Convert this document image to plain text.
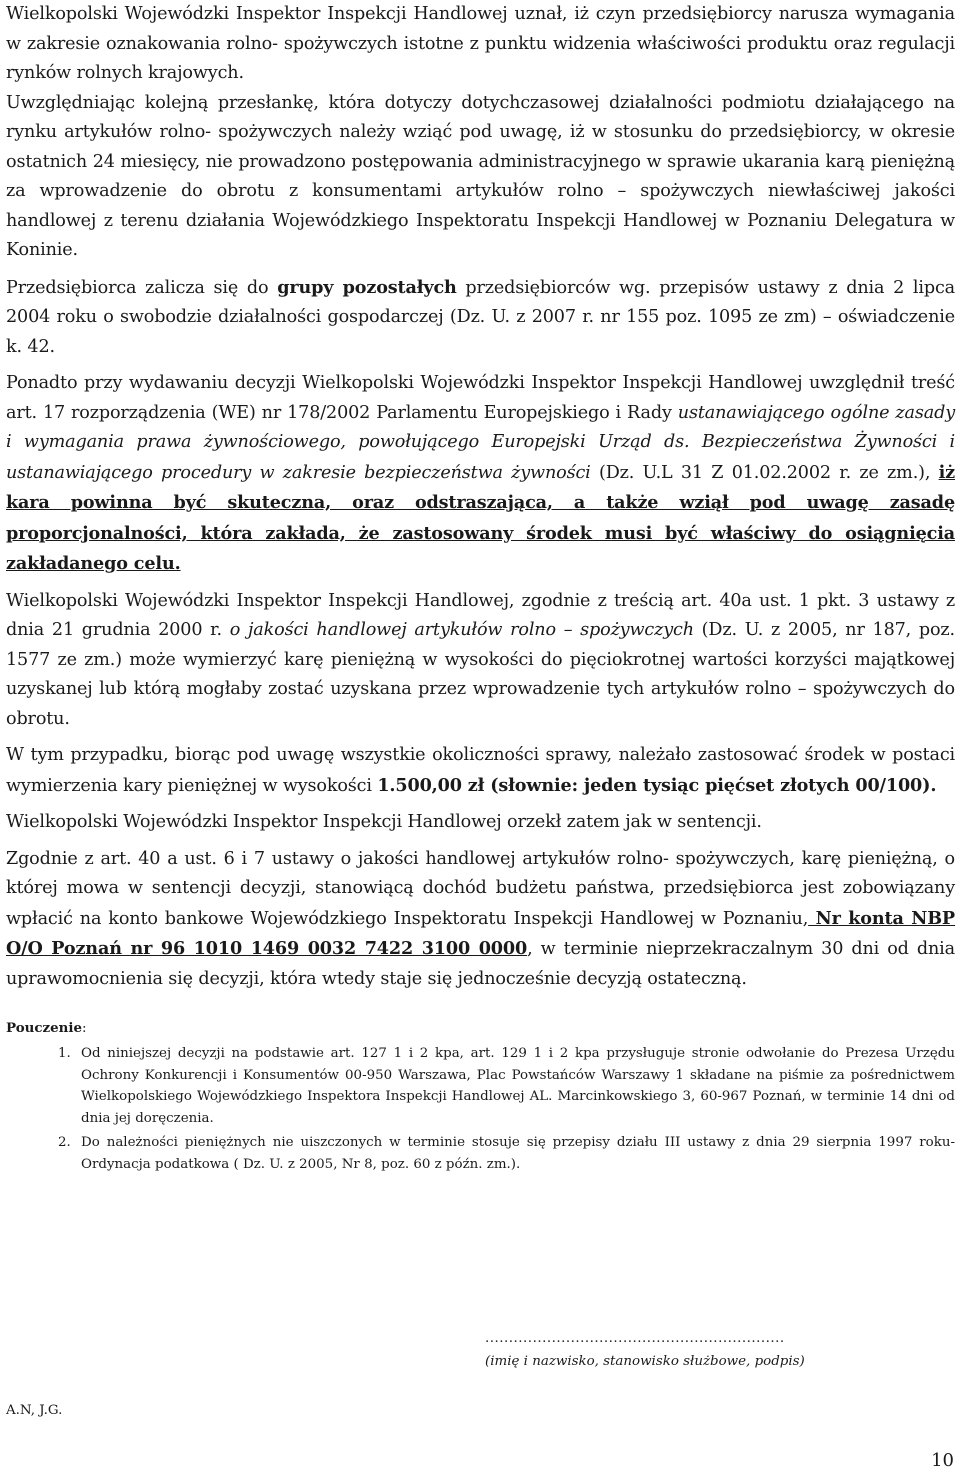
Wielkopolski Wojewódzki Inspektor Inspekcji Handlowej uznał, iż czyn przedsiębiorcy narusza wymagania w zakresie oznakowania rolno- spożywczych istotne z punktu widzenia właściwości produktu oraz regulacji rynków rolnych krajowych.

Uwzględniając kolejną przesłankę, która dotyczy dotychczasowej działalności podmiotu działającego na rynku artykułów rolno- spożywczych należy wziąć pod uwagę, iż w stosunku do przedsiębiorcy, w okresie ostatnich 24 miesięcy, nie prowadzono postępowania administracyjnego w sprawie ukarania karą pieniężną za wprowadzenie do obrotu z konsumentami artykułów rolno – spożywczych niewłaściwej jakości handlowej z terenu działania Wojewódzkiego Inspektoratu Inspekcji Handlowej w Poznaniu Delegatura w Koninie.

Przedsiębiorca zalicza się do grupy pozostałych przedsiębiorców wg. przepisów ustawy z dnia 2 lipca 2004 roku o swobodzie działalności gospodarczej (Dz. U. z 2007 r. nr 155 poz. 1095 ze zm) – oświadczenie k. 42.

Ponadto przy wydawaniu decyzji Wielkopolski Wojewódzki Inspektor Inspekcji Handlowej uwzględnił treść art. 17 rozporządzenia (WE) nr 178/2002 Parlamentu Europejskiego i Rady ustanawiającego ogólne zasady i wymagania prawa żywnościowego, powołującego Europejski Urząd ds. Bezpieczeństwa Żywności i ustanawiającego procedury w zakresie bezpieczeństwa żywności (Dz. U.L 31 Z 01.02.2002 r. ze zm.), iż kara powinna być skuteczna, oraz odstraszająca, a także wziął pod uwagę zasadę proporcjonalności, która zakłada, że zastosowany środek musi być właściwy do osiągnięcia zakładanego celu.

Wielkopolski Wojewódzki Inspektor Inspekcji Handlowej, zgodnie z treścią art. 40a ust. 1 pkt. 3 ustawy z dnia 21 grudnia 2000 r. o jakości handlowej artykułów rolno – spożywczych (Dz. U. z 2005, nr 187, poz. 1577 ze zm.) może wymierzyć karę pieniężną w wysokości do pięciokrotnej wartości korzyści majątkowej uzyskanej lub którą mogłaby zostać uzyskana przez wprowadzenie tych artykułów rolno – spożywczych do obrotu.

W tym przypadku, biorąc pod uwagę wszystkie okoliczności sprawy, należało zastosować środek w postaci wymierzenia kary pieniężnej w wysokości 1.500,00 zł (słownie: jeden tysiąc pięćset złotych 00/100).

Wielkopolski Wojewódzki Inspektor Inspekcji Handlowej orzekł zatem jak w sentencji.

Zgodnie z art. 40 a ust. 6 i 7 ustawy o jakości handlowej artykułów rolno- spożywczych, karę pieniężną, o której mowa w sentencji decyzji, stanowiącą dochód budżetu państwa, przedsiębiorca jest zobowiązany wpłacić na konto bankowe Wojewódzkiego Inspektoratu Inspekcji Handlowej w Poznaniu, Nr konta NBP O/O Poznań nr 96 1010 1469 0032 7422 3100 0000, w terminie nieprzekraczalnym 30 dni od dnia uprawomocnienia się decyzji, która wtedy staje się jednocześnie decyzją ostateczną.

Pouczenie:
1. Od niniejszej decyzji na podstawie art. 127 1 i 2 kpa, art. 129 1 i 2 kpa przysługuje stronie odwołanie do Prezesa Urzędu Ochrony Konkurencji i Konsumentów 00-950 Warszawa, Plac Powstańców Warszawy 1 składane na piśmie za pośrednictwem Wielkopolskiego Wojewódzkiego Inspektora Inspekcji Handlowej AL. Marcinkowskiego 3, 60-967 Poznań, w terminie 14 dni od dnia jej doręczenia.
2. Do należności pieniężnych nie uiszczonych w terminie stosuje się przepisy działu III ustawy z dnia 29 sierpnia 1997 roku- Ordynacja podatkowa ( Dz. U. z 2005, Nr 8, poz. 60 z późn. zm.).
...............................................................
(imię i nazwisko, stanowisko służbowe, podpis)
A.N, J.G.
10
